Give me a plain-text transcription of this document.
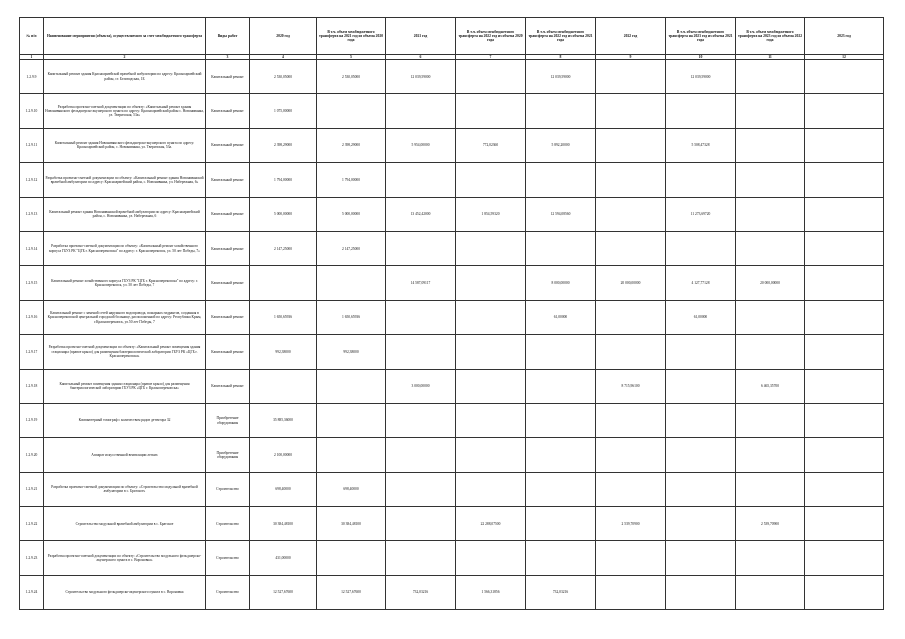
№ п/п	Наименование мероприятия (объекта), осуществляемого за счет межбюджетного трансферта	Виды работ	2020 год	В т.ч. объем межбюджетного трансферта на 2021 год из объема 2020 года	2021 год	В т.ч. объем межбюджетного трансферта на 2022 год из объема 2020 года	В т.ч. объем межбюджетного трансферта на 2022 год из объема 2021 года	2022 год	В т.ч. объем межбюджетного трансферта на 2023 год из объема 2021 года	В т.ч. объем межбюджетного трансферта на 2023 год из объема 2022 года	2023 год
1	2	3	4	5	6	7	8	9	10	11	12
1.2.9.9	Капитальный ремонт здания Красноармейской врачебной амбулатории по адресу: Красноармейский район, ст. Беловодская, 1Б	Капитальный ремонт	2 530,05000	2 530,05000	12 039,59000		12 039,59000		12 039,59000		
1.2.9.10	Разработка проектно-сметной документации по объекту: «Капитальный ремонт здания Новонивянского фельдшерско-акушерского пункта по адресу: Красноармейский район с. Новонивянка, ул. Тверичская, 53а»	Капитальный ремонт	1 075,00000								
1.2.9.11	Капитальный ремонт здания Новонивянского фельдшерско-акушерского пункта по адресу: Красноармейский район, с. Новонивянка, ул. Тверичская, 53а.	Капитальный ремонт	2 398,29000	2 398,29000	5 954,00000	772,02360	5 892,20000		5 508,47328		
1.2.9.12	Разработка проектно-сметной документации по объекту: «Капитальный ремонт здания Новонивянской врачебной амбулатории по адресу: Красноармейский район, с. Новонивянка, ул. Набережная, 6»	Капитальный ремонт	1 794,00000	1 794,00000							
1.2.9.13	Капитальный ремонт здания Новонивянской врачебной амбулатории по адресу: Красноармейский район, с. Новонивянка, ул. Набережная, 6	Капитальный ремонт	5 000,00000	5 000,00000	13 452,42000	1 854,59320	12 594,08560		11 273,69720		
1.2.9.14	Разработка проектно-сметной документации по объекту: «Капитальный ремонт хозяйственного корпуса ГБУЗ РК "ЦГБ г. Красноперекопска" по адресу: г. Красноперекопск, ул. 50 лет Победы, 7»	Капитальный ремонт	2 147,25000	2 147,25000							
1.2.9.15	Капитальный ремонт хозяйственного корпуса ГБУЗ РК "ЦГБ г. Красноперекопска" по адресу: г. Красноперекопск, ул. 50 лет Победы, 7	Капитальный ремонт			14 587,09117		8 000,00000	20 000,00000	4 127,77128	20 000,00000	
1.2.9.16	Капитальный ремонт с заменой сетей наружного водопровода, пожарных гидрантов, созданная в Красноперекопской центральной городской больнице, расположенной по адресу: Республика Крым, г.Красноперекопск, ул.50 лет Победы, 7	Капитальный ремонт	1 650,65936	1 650,65936			61,00000		61,00000		
1.2.9.17	Разработка проектно-сметной документации по объекту: «Капитальный ремонт помещения здания стационара (правое крыло) для размещения бактериологической лаборатории ГБУЗ РК «ЦГБ г. Красноперекопска»	Капитальный ремонт	992,38000	992,38000							
1.2.9.18	Капитальный ремонт помещения здания стационара (правое крыло) для размещения бактериологической лаборатории ГБУЗ РК «ЦГБ г. Красноперекопска»	Капитальный ремонт			3 000,00000			8 715,96100		6 465,35700	
1.2.9.19	Компьютерный томограф с количеством рядов детектора 32	Приобретение оборудования	35 885,36000								
1.2.9.20	Аппарат искусственной вентиляции легких	Приобретение оборудования	2 100,00000								
1.2.9.21	Разработка проектно-сметной документации по объекту: «Строительство модульной врачебной амбулатории в с. Братское»	Строительство	698,40000	698,40000							
1.2.9.22	Строительство модульной врачебной амбулатории в с. Братское	Строительство	30 384,48100	30 384,48100		22 288,07500		2 539,70900		2 539,70900	
1.2.9.23	Разработка проектно-сметной документации по объекту: «Строительство модульного фельдшерско-акушерского пункта в с. Вороновка»	Строительство	431,00000								
1.2.9.24	Строительство модульного фельдшерско-акушерского пункта в с. Вороновка	Строительство	12 527,67600	12 527,67600	732,03216	1 566,31856	732,03216				
